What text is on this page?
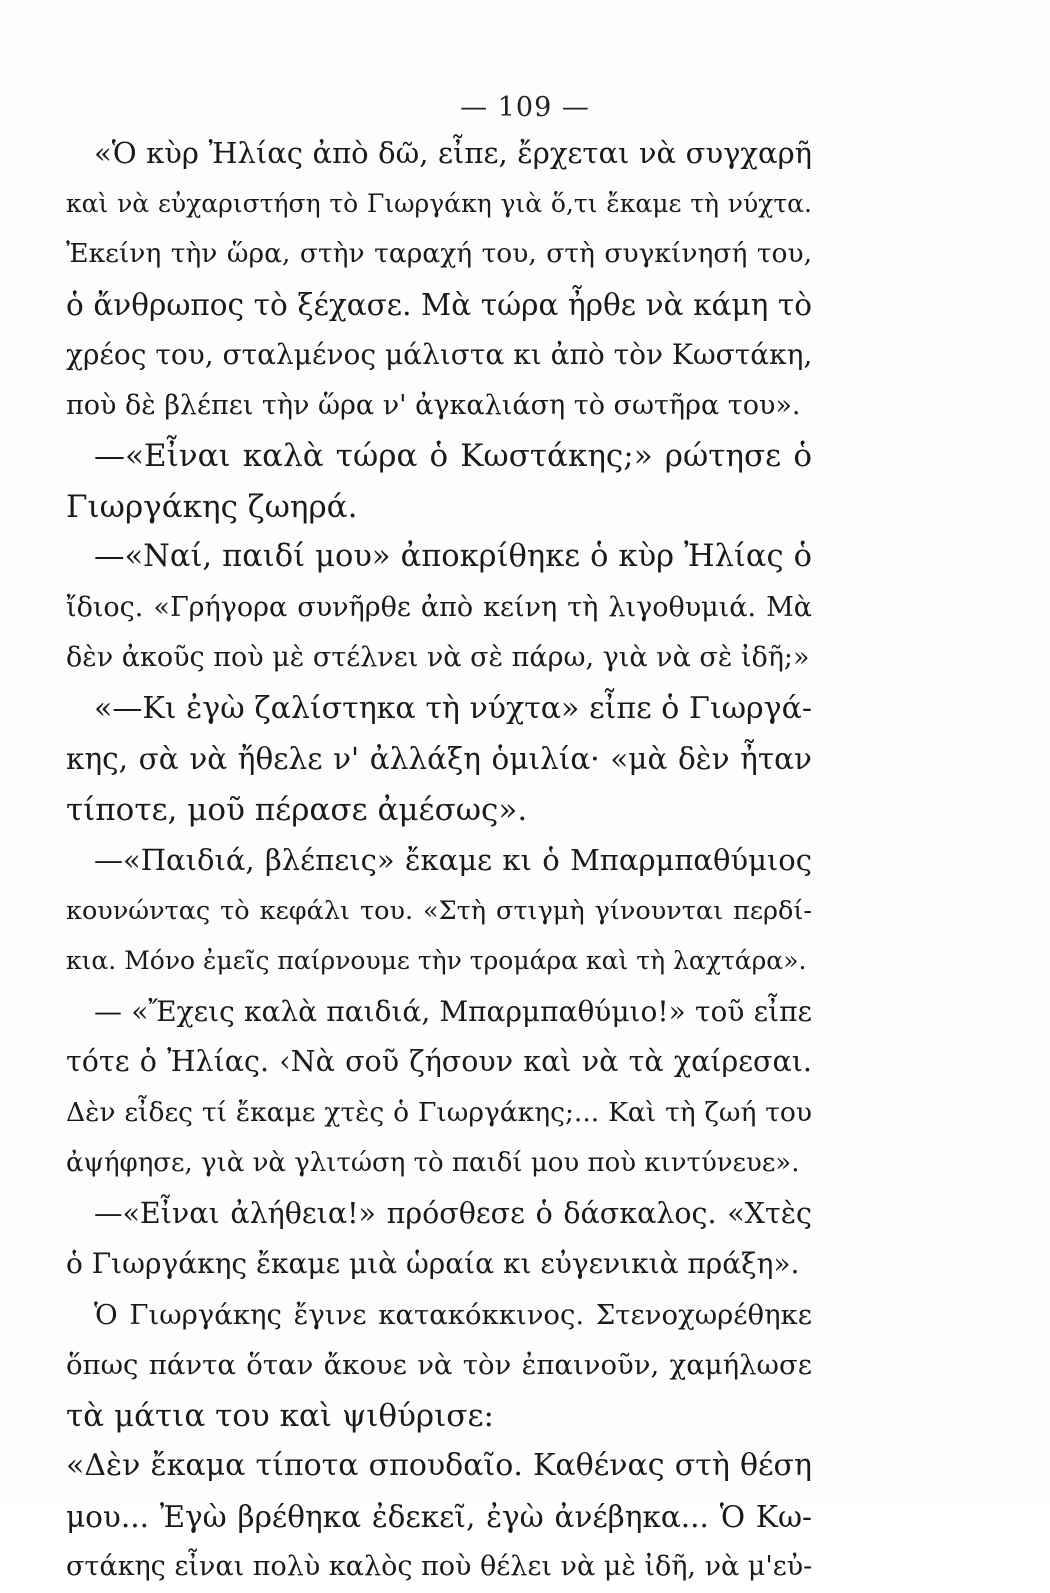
— 109 —
«Ὁ κὺρ Ἠλίας ἀπὸ δῶ, εἶπε, ἔρχεται νὰ συγχαρῆ
καὶ νὰ εὐχαριστήση τὸ Γιωργάκη γιὰ ὅ,τι ἔκαμε τὴ νύχτα.
Ἐκείνη τὴν ὥρα, στὴν ταραχή του, στὴ συγκίνησή του,
ὁ ἄνθρωπος τὸ ξέχασε. Μὰ τώρα ἦρθε νὰ κάμη τὸ
χρέος του, σταλμένος μάλιστα κι ἀπὸ τὸν Κωστάκη,
ποὺ δὲ βλέπει τὴν ὥρα ν' ἀγκαλιάση τὸ σωτῆρα του».
—«Εἶναι καλὰ τώρα ὁ Κωστάκης;» ρώτησε ὁ
Γιωργάκης ζωηρά.
—«Ναί, παιδί μου» ἀποκρίθηκε ὁ κὺρ Ἠλίας ὁ
ἴδιος. «Γρήγορα συνῆρθε ἀπὸ κείνη τὴ λιγοθυμιά. Μὰ
δὲν ἀκοῦς ποὺ μὲ στέλνει νὰ σὲ πάρω, γιὰ νὰ σὲ ἰδῆ;»
«—Κι ἐγὼ ζαλίστηκα τὴ νύχτα» εἶπε ὁ Γιωργά-
κης, σὰ νὰ ἤθελε ν' ἀλλάξη ὁμιλία· «μὰ δὲν ἦταν
τίποτε, μοῦ πέρασε ἀμέσως».
—«Παιδιά, βλέπεις» ἔκαμε κι ὁ Μπαρμπαθύμιος
κουνώντας τὸ κεφάλι του. «Στὴ στιγμὴ γίνουνται περδί-
κια. Μόνο ἐμεῖς παίρνουμε τὴν τρομάρα καὶ τὴ λαχτάρα».
— «Ἔχεις καλὰ παιδιά, Μπαρμπαθύμιο!» τοῦ εἶπε
τότε ὁ Ἠλίας. ‹Νὰ σοῦ ζήσουν καὶ νὰ τὰ χαίρεσαι.
Δὲν εἶδες τί ἔκαμε χτὲς ὁ Γιωργάκης;... Καὶ τὴ ζωή του
ἀψήφησε, γιὰ νὰ γλιτώση τὸ παιδί μου ποὺ κιντύνευε».
—«Εἶναι ἀλήθεια!» πρόσθεσε ὁ δάσκαλος. «Χτὲς
ὁ Γιωργάκης ἔκαμε μιὰ ὡραία κι εὐγενικιὰ πράξη».
Ὁ Γιωργάκης ἔγινε κατακόκκινος. Στενοχωρέθηκε
ὅπως πάντα ὅταν ἄκουε νὰ τὸν ἐπαινοῦν, χαμήλωσε
τὰ μάτια του καὶ ψιθύρισε:
«Δὲν ἔκαμα τίποτα σπουδαῖο. Καθένας στὴ θέση
μου... Ἐγὼ βρέθηκα ἐδεκεῖ, ἐγὼ ἀνέβηκα... Ὁ Κω-
στάκης εἶναι πολὺ καλὸς ποὺ θέλει νὰ μὲ ἰδῆ, νὰ μ'εὐ-
